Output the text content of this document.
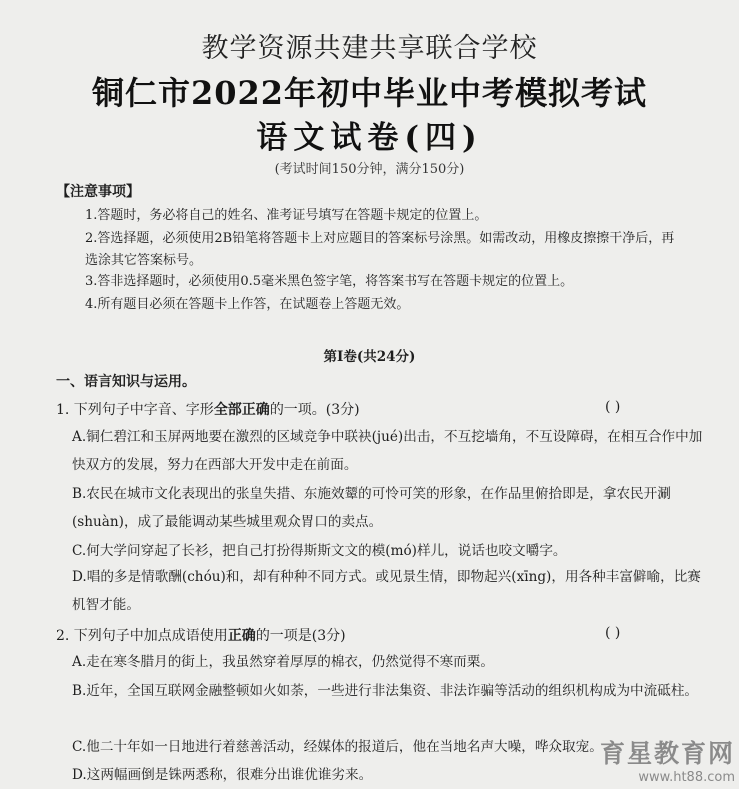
教学资源共建共享联合学校
铜仁市2022年初中毕业中考模拟考试
语文试卷(四)
(考试时间150分钟，满分150分)
【注意事项】
1.答题时，务必将自己的姓名、准考证号填写在答题卡规定的位置上。
2.答选择题，必须使用2B铅笔将答题卡上对应题目的答案标号涂黑。如需改动，用橡皮擦擦干净后，再选涂其它答案标号。
3.答非选择题时，必须使用0.5毫米黑色签字笔，将答案书写在答题卡规定的位置上。
4.所有题目必须在答题卡上作答，在试题卷上答题无效。
第Ⅰ卷(共24分)
一、语言知识与运用。
1. 下列句子中字音、字形全部正确的一项。(3分)	( )
A.铜仁碧江和玉屏两地要在激烈的区域竞争中联袂(jué)出击，不互挖墙角，不互设障碍，在相互合作中加快双方的发展，努力在西部大开发中走在前面。
B.农民在城市文化表现出的张皇失措、东施效颦的可怜可笑的形象，在作品里俯拾即是，拿农民开涮(shuàn)，成了最能调动某些城里观众胃口的卖点。
C.何大学问穿起了长衫，把自己打扮得斯斯文文的模(mó)样儿，说话也咬文嚼字。
D.唱的多是情歌酬(chóu)和，却有种种不同方式。或见景生情，即物起兴(xīng)，用各种丰富僻喻，比赛机智才能。
2. 下列句子中加点成语使用正确的一项是(3分)	( )
A.走在寒冬腊月的街上，我虽然穿着厚厚的棉衣，仍然觉得不寒而栗。
B.近年，全国互联网金融整顿如火如荼，一些进行非法集资、非法诈骗等活动的组织机构成为中流砥柱。
C.他二十年如一日地进行着慈善活动，经媒体的报道后，他在当地名声大噪，哗众取宠。
D.这两幅画倒是铢两悉称，很难分出谁优谁劣来。
育星教育网
www.ht88.com
